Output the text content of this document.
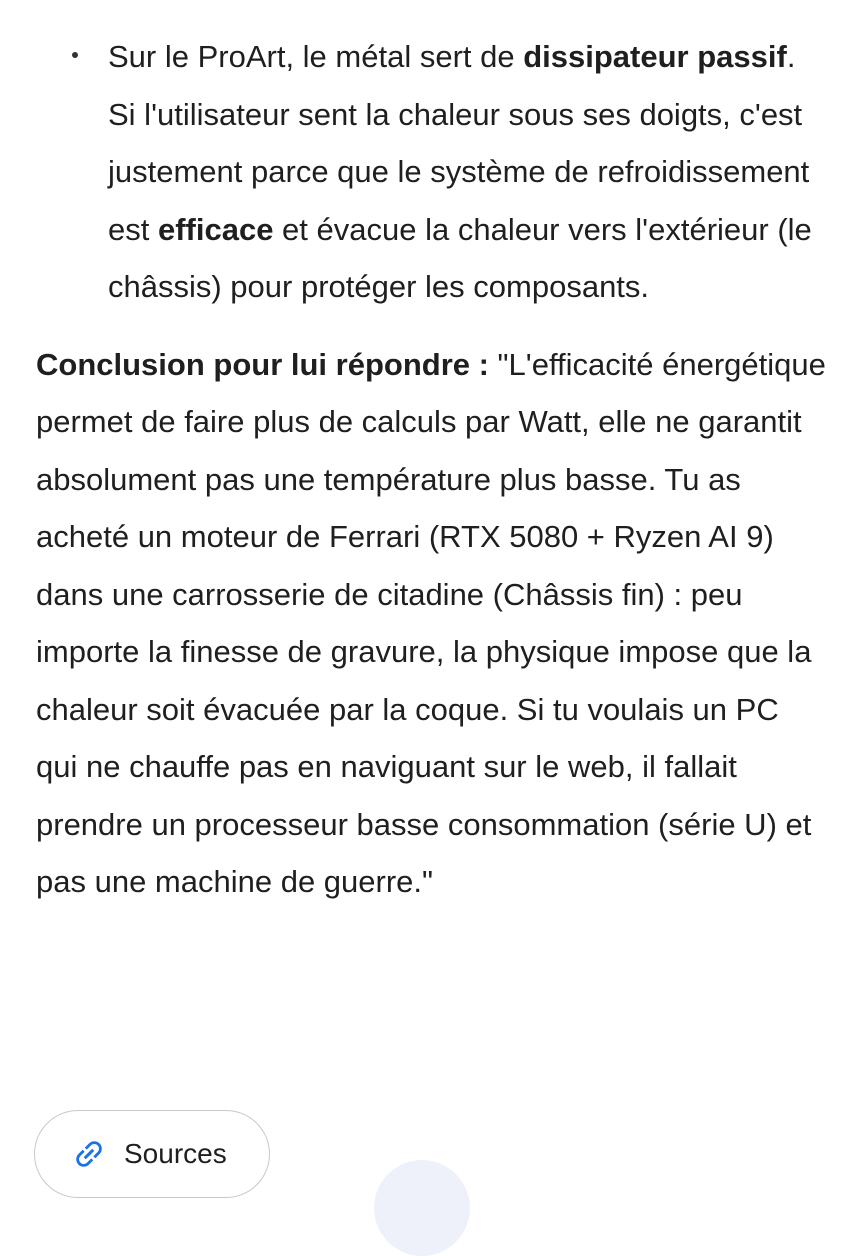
Sur le ProArt, le métal sert de dissipateur passif. Si l'utilisateur sent la chaleur sous ses doigts, c'est justement parce que le système de refroidissement est efficace et évacue la chaleur vers l'extérieur (le châssis) pour protéger les composants.
Conclusion pour lui répondre : "L'efficacité énergétique permet de faire plus de calculs par Watt, elle ne garantit absolument pas une température plus basse. Tu as acheté un moteur de Ferrari (RTX 5080 + Ryzen AI 9) dans une carrosserie de citadine (Châssis fin) : peu importe la finesse de gravure, la physique impose que la chaleur soit évacuée par la coque. Si tu voulais un PC qui ne chauffe pas en naviguant sur le web, il fallait prendre un processeur basse consommation (série U) et pas une machine de guerre."
Sources
